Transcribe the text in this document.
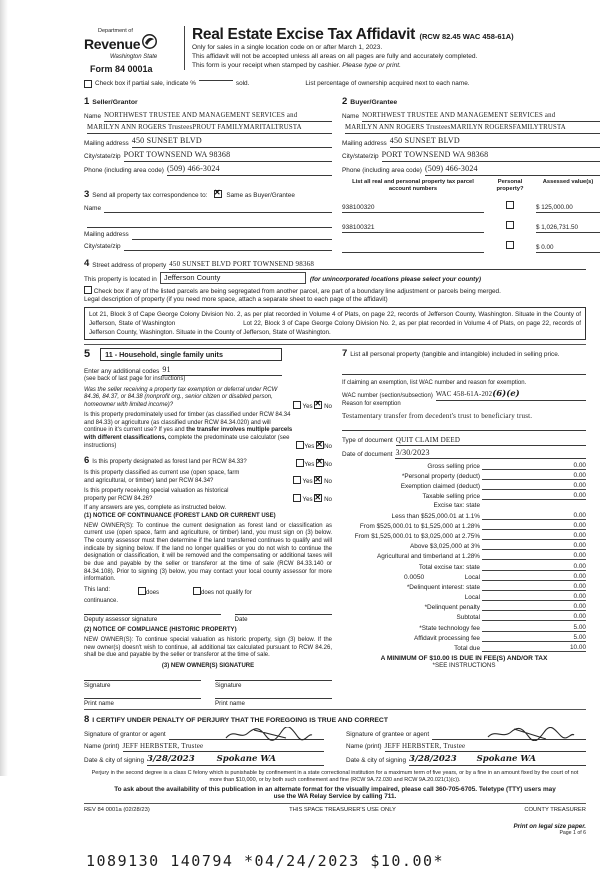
Department of
Revenue
Washington State
Form 84 0001a
Real Estate Excise Tax Affidavit (RCW 82.45 WAC 458-61A)
Only for sales in a single location code on or after March 1, 2023.
This affidavit will not be accepted unless all areas on all pages are fully and accurately completed.
This form is your receipt when stamped by cashier. Please type or print.
Check box if partial sale, indicate %	sold.	List percentage of ownership acquired next to each name.
1 Seller/Grantor
Name NORTHWEST TRUSTEE AND MANAGEMENT SERVICES and
MARILYN ANN ROGERS TrusteesPROUT FAMILYMARITALTRUSTA
Mailing address 450 SUNSET BLVD
City/state/zip PORT TOWNSEND WA 98368
Phone (including area code) (509) 466-3024
3 Send all property tax correspondence to: ✕	Same as Buyer/Grantee
Name
Mailing address
City/state/zip
2 Buyer/Grantee
Name NORTHWEST TRUSTEE AND MANAGEMENT SERVICES and
MARILYN ANN ROGERS TrusteesMARILYN ROGERSFAMILYTRUSTA
Mailing address 450 SUNSET BLVD
City/state/zip PORT TOWNSEND WA 98368
Phone (including area code) (509) 466-3024
List all real and personal property tax parcel account numbers
Personal property?
Assessed value(s)
938100320	$ 125,000.00
938100321	$ 1,026,731.50
$ 0.00
4 Street address of property 450 SUNSET BLVD PORT TOWNSEND 98368
This property is located in Jefferson County	(for unincorporated locations please select your county)
Check box if any of the listed parcels are being segregated from another parcel, are part of a boundary line adjustment or parcels being merged.
Legal description of property (if you need more space, attach a separate sheet to each page of the affidavit)
Lot 21, Block 3 of Cape George Colony Division No. 2, as per plat recorded in Volume 4 of Plats, on page 22, records of Jefferson County, Washington. Situate in the County of Jefferson, State of Washington	Lot 22, Block 3 of Cape George Colony Division No. 2, as per plat recorded in Volume 4 of Plats, on page 22, records of Jefferson County, Washington. Situate in the County of Jefferson, State of Washington.
5	11 - Household, single family units
Enter any additional codes 91
(see back of last page for instructions)
Was the seller receiving a property tax exemption or deferral under RCW 84.36, 84.37, or 84.38 (nonprofit org., senior citizen or disabled person, homeowner with limited income)?	Yes ✕ No
Is this property predominately used for timber (as classified under RCW 84.34 and 84.33) or agriculture (as classified under RCW 84.34.020) and will continue in it's current use? If yes and the transfer involves multiple parcels with different classifications, complete the predominate use calculator (see instructions)	Yes ✕ No
6 Is this property designated as forest land per RCW 84.33?	Yes ✕ No
Is this property classified as current use (open space, farm
and agricultural, or timber) land per RCW 84.34?	Yes ✕ No
Is this property receiving special valuation as historical
property per RCW 84.26?	Yes ✕ No
If any answers are yes, complete as instructed below.
(1) NOTICE OF CONTINUANCE (FOREST LAND OR CURRENT USE)
NEW OWNER(S): To continue the current designation as forest land or classification as current use (open space, farm and agriculture, or timber) land, you must sign on (3) below. The county assessor must then determine if the land transferred continues to qualify and will indicate by signing below. If the land no longer qualifies or you do not wish to continue the designation or classification, it will be removed and the compensating or additional taxes will be due and payable by the seller or transferor at the time of sale (RCW 84.33.140 or 84.34.108). Prior to signing (3) below, you may contact your local county assessor for more information.
This land:	does	does not qualify for
continuance.
Deputy assessor signature	Date
(2) NOTICE OF COMPLIANCE (HISTORIC PROPERTY)
NEW OWNER(S): To continue special valuation as historic property, sign (3) below. If the new owner(s) doesn't wish to continue, all additional tax calculated pursuant to RCW 84.26, shall be due and payable by the seller or transferor at the time of sale.
(3) NEW OWNER(S) SIGNATURE
Signature	Signature
Print name	Print name
7 List all personal property (tangible and intangible) included in selling price.
If claiming an exemption, list WAC number and reason for exemption.
WAC number (section/subsection) WAC 458-61A-202(6)(e)
Reason for exemption
Testamentary transfer from decedent's trust to beneficiary trust.
Type of document QUIT CLAIM DEED
Date of document 3/30/2023
Gross selling price	0.00
*Personal property (deduct)	0.00
Exemption claimed (deduct)	0.00
Taxable selling price	0.00
Excise tax: state
Less than $525,000.01 at 1.1%	0.00
From $525,000.01 to $1,525,000 at 1.28%	0.00
From $1,525,000.01 to $3,025,000 at 2.75%	0.00
Above $3,025,000 at 3%	0.00
Agricultural and timberland at 1.28%	0.00
Total excise tax: state	0.00
0.0050	Local	0.00
*Delinquent interest: state	0.00
Local	0.00
*Delinquent penalty	0.00
Subtotal	0.00
*State technology fee	5.00
Affidavit processing fee	5.00
Total due	10.00
A MINIMUM OF $10.00 IS DUE IN FEE(S) AND/OR TAX
*SEE INSTRUCTIONS
8 I CERTIFY UNDER PENALTY OF PERJURY THAT THE FOREGOING IS TRUE AND CORRECT
Signature of grantor or agent
Name (print) JEFF HERBSTER, Trustee
Date & city of signing 3/28/2023	Spokane WA
Signature of grantee or agent
Name (print) JEFF HERBSTER, Trustee
Date & city of signing 3/28/2023 Spokane WA
Perjury in the second degree is a class C felony which is punishable by confinement in a state correctional institution for a maximum term of five years, or by a fine in an amount fixed by the court of not more than $10,000, or by both such confinement and fine (RCW 9A.72.030 and RCW 9A.20.021(1)(c)).
To ask about the availability of this publication in an alternate format for the visually impaired, please call 360-705-6705. Teletype (TTY) users may use the WA Relay Service by calling 711.
REV 84 0001a (02/28/23)	THIS SPACE TREASURER'S USE ONLY	COUNTY TREASURER
Print on legal size paper.
Page 1 of 6
1089130 140794 *04/24/2023 $10.00*
